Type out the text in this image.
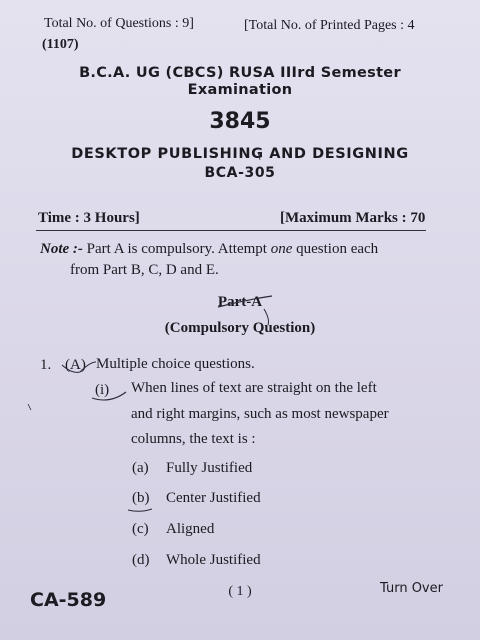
Total No. of Questions : 9]	[Total No. of Printed Pages : 4
(1107)
B.C.A. UG (CBCS) RUSA IIIrd Semester
Examination
3845
DESKTOP PUBLISHING AND DESIGNING
BCA-305
Time : 3 Hours]	[Maximum Marks : 70
Note :- Part A is compulsory. Attempt one question each
from Part B, C, D and E.
Part-A
(Compulsory Question)
1. (A) Multiple choice questions.
(i) When lines of text are straight on the left
and right margins, such as most newspaper
columns, the text is :
(a) Fully Justified
(b) Center Justified
(c) Aligned
(d) Whole Justified
CA-589	( 1 )	Turn Over
